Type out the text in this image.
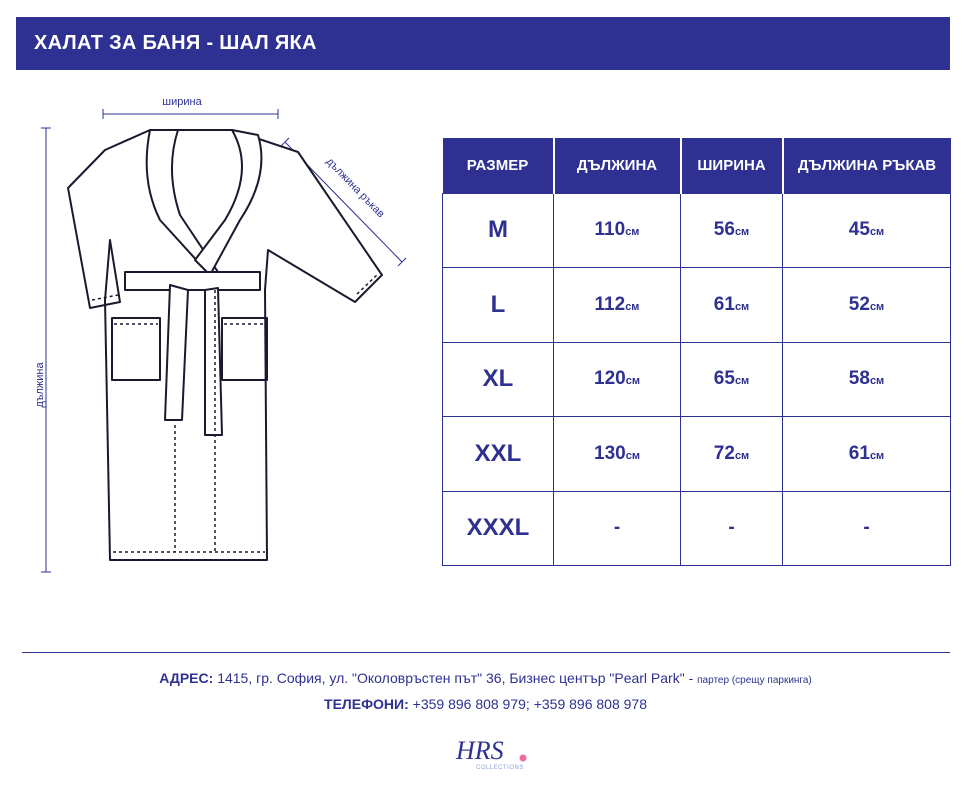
ХАЛАТ ЗА БАНЯ - ШАЛ ЯКА
ширина
дължина
дължина ръкав	РАЗМЕР	ДЪЛЖИНА	ШИРИНА	ДЪЛЖИНА РЪКАВ
M	110см	56см	45см
L	112см	61см	52см
XL	120см	65см	58см
XXL	130см	72см	61см
XXXL	-	-	-
АДРЕС: 1415, гр. София, ул. "Околовръстен път" 36, Бизнес център "Pearl Park" - партер (срещу паркинга)
ТЕЛЕФОНИ: +359 896 808 979; +359 896 808 978
HRS
COLLECTIONS
